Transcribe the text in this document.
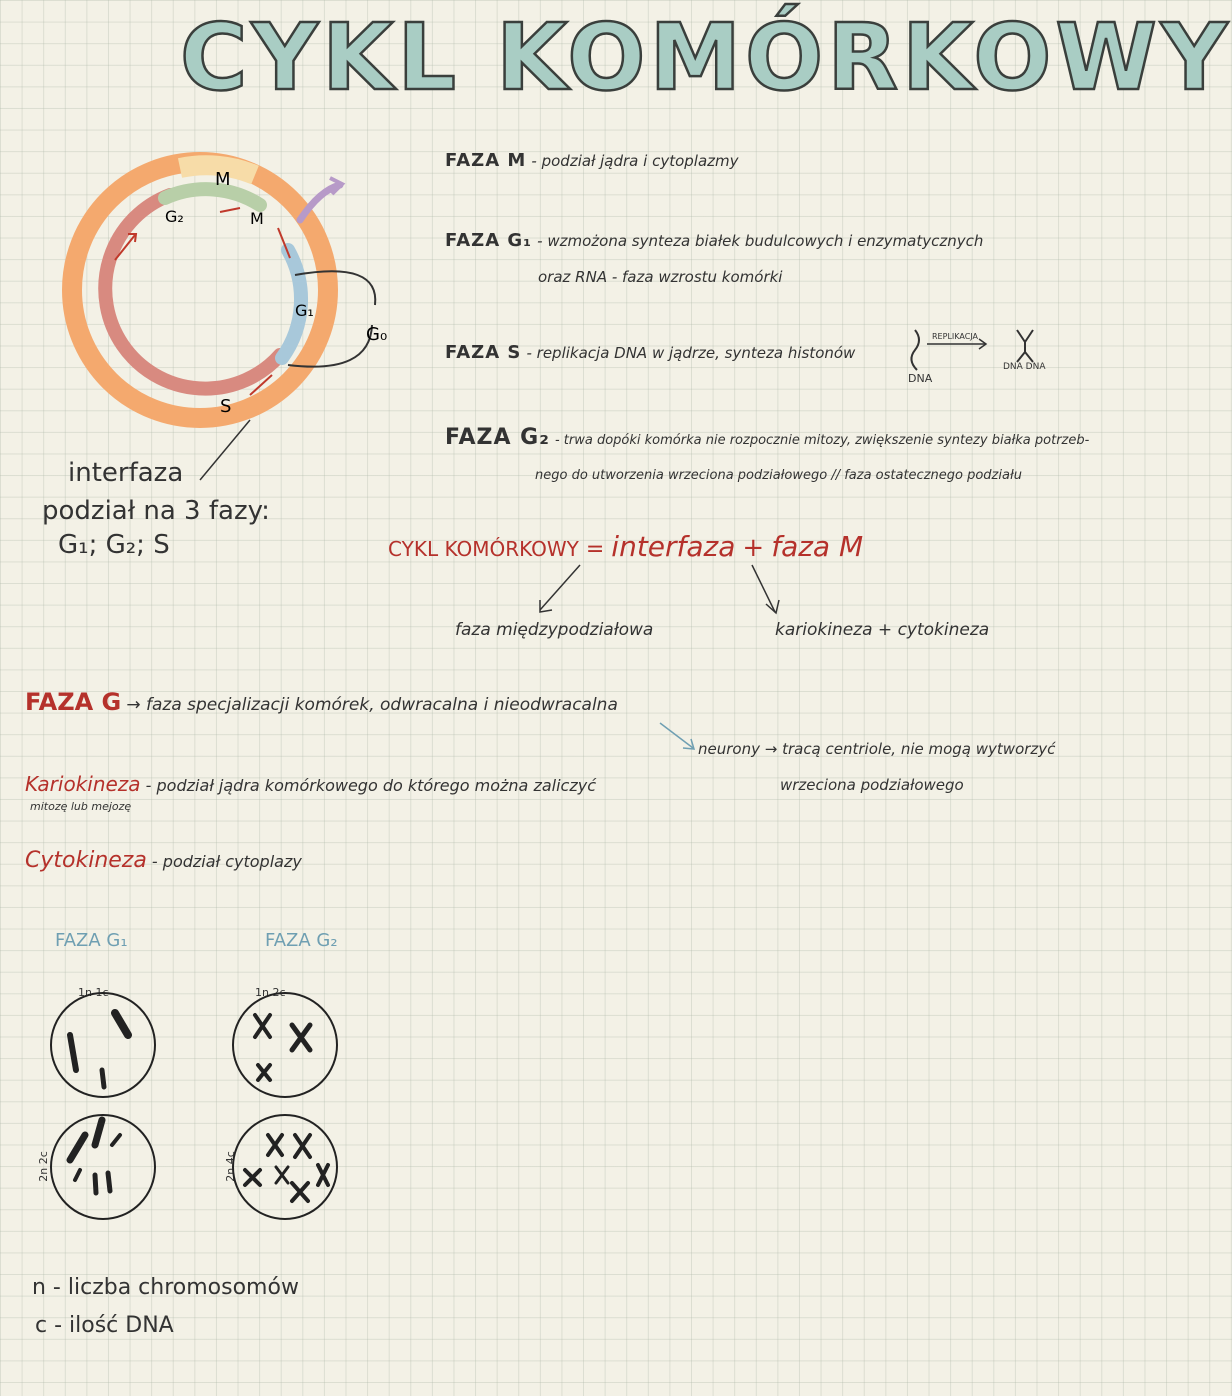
CYKL KOMÓRKOWY
M
G₂	M
G₁
G₀
S
interfaza
podział na 3 fazy:
G₁; G₂; S
FAZA M - podział jądra i cytoplazmy
FAZA G₁ - wzmożona synteza białek budulcowych i enzymatycznych
oraz RNA - faza wzrostu komórki
FAZA S - replikacja DNA w jądrze, synteza histonów
DNA
REPLIKACJA
DNA DNA
FAZA G₂ - trwa dopóki komórka nie rozpocznie mitozy, zwiększenie syntezy białka potrzeb-
nego do utworzenia wrzeciona podziałowego // faza ostatecznego podziału
CYKL KOMÓRKOWY = interfaza + faza M
faza międzypodziałowa	kariokineza + cytokineza
FAZA G → faza specjalizacji komórek, odwracalna i nieodwracalna
neurony → tracą centriole, nie mogą wytworzyć
wrzeciona podziałowego
Kariokineza - podział jądra komórkowego do którego można zaliczyć
mitozę lub mejozę
Cytokineza - podział cytoplazy
FAZA G₁	FAZA G₂
1n 1c	1n 2c
2n 2c	2n 4c
n - liczba chromosomów
c - ilość DNA
